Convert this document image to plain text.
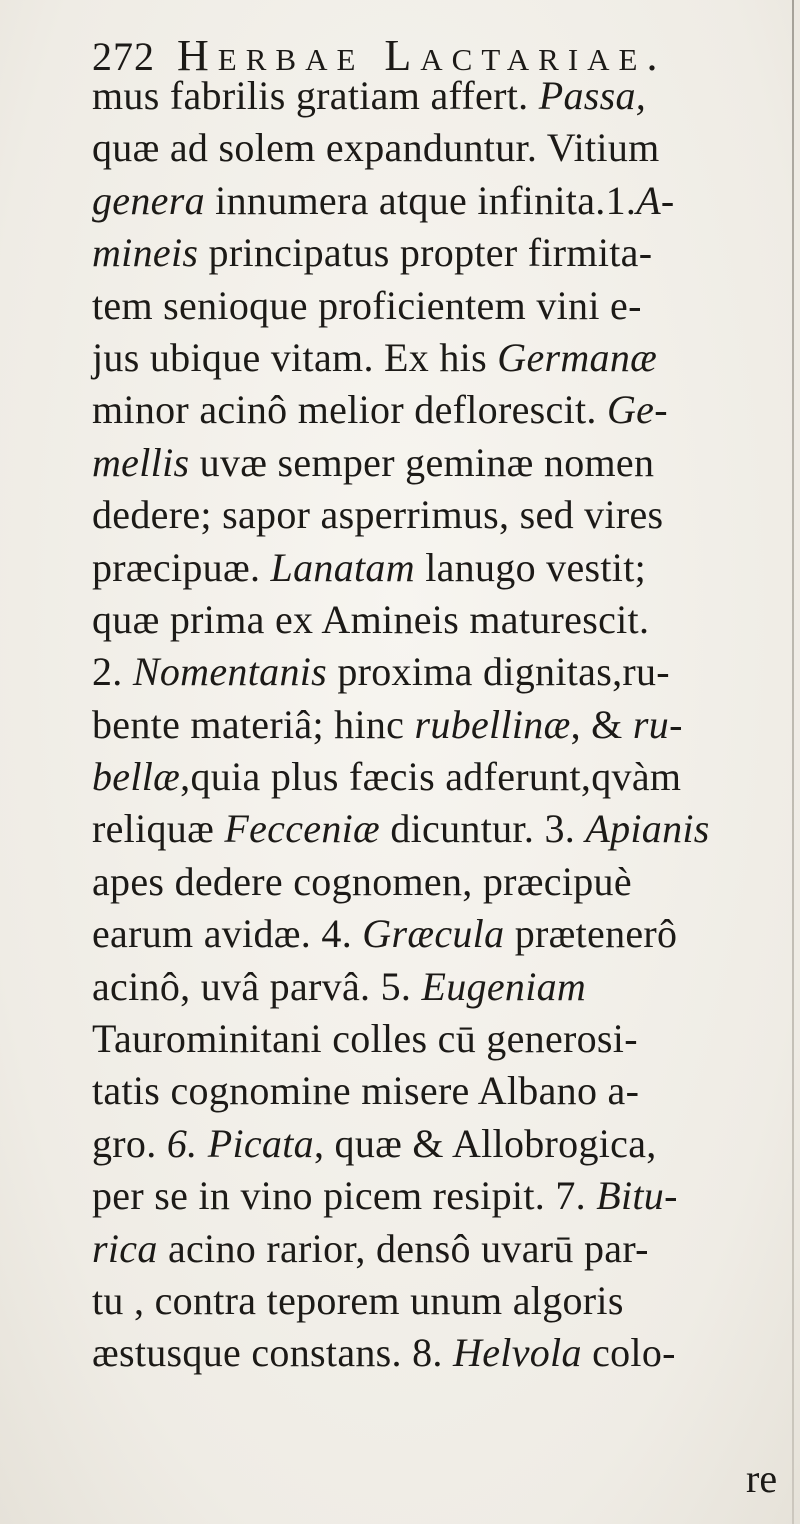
272 Herbae Lactariae.
mus fabrilis gratiam affert. Passa,
quæ ad solem expanduntur. Vitium
genera innumera atque infinita.1.A-
mineis principatus propter firmita-
tem senioque proficientem vini e-
jus ubique vitam. Ex his Germanæ
minor acinô melior deflorescit. Ge-
mellis uvæ semper geminæ nomen
dedere; sapor asperrimus, sed vires
præcipuæ. Lanatam lanugo vestit;
quæ prima ex Amineis maturescit.
2. Nomentanis proxima dignitas,ru-
bente materiâ; hinc rubellinæ, & ru-
bellæ,quia plus fæcis adferunt,qvàm
reliquæ Fecceniæ dicuntur. 3. Apianis
apes dedere cognomen, præcipuè
earum avidæ. 4. Græcula prætenerô
acinô, uvâ parvâ. 5. Eugeniam
Taurominitani colles cū generosi-
tatis cognomine misere Albano a-
gro. 6. Picata, quæ & Allobrogica,
per se in vino picem resipit. 7. Bitu-
rica acino rarior, densô uvarū par-
tu , contra teporem unum algoris
æstusque constans. 8. Helvola colo-
re
